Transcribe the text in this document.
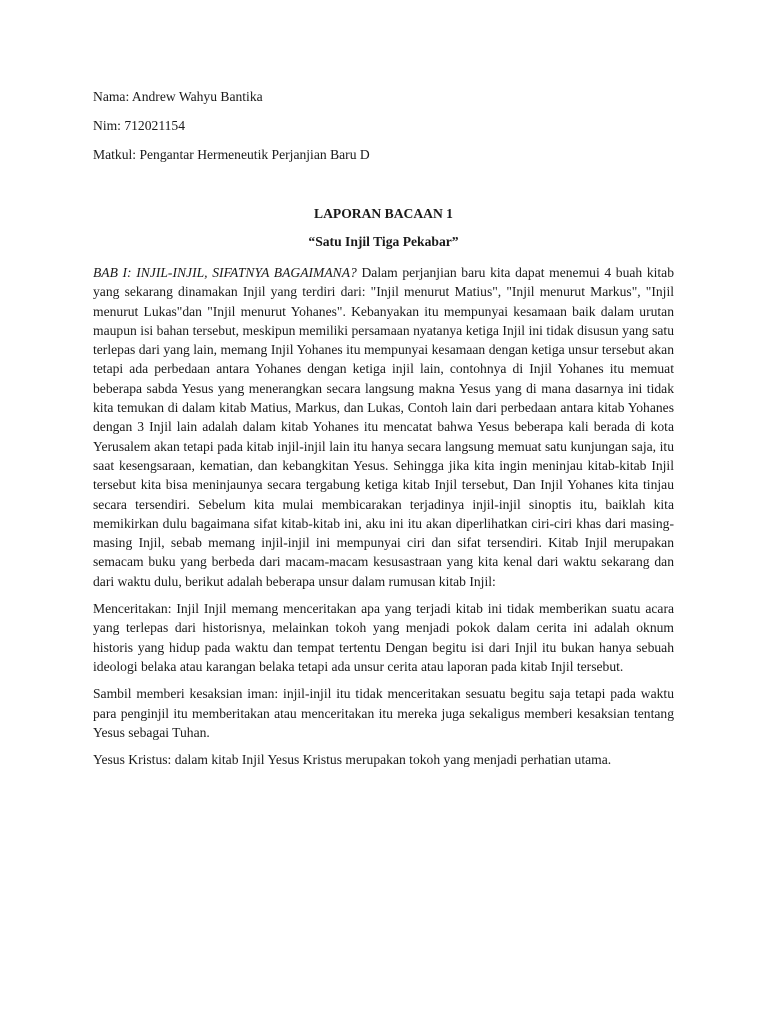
Nama: Andrew Wahyu Bantika

Nim: 712021154

Matkul: Pengantar Hermeneutik Perjanjian Baru D

LAPORAN BACAAN 1

“Satu Injil Tiga Pekabar”

BAB I: INJIL-INJIL, SIFATNYA BAGAIMANA? Dalam perjanjian baru kita dapat menemui 4 buah kitab yang sekarang dinamakan Injil yang terdiri dari: "Injil menurut Matius", "Injil menurut Markus", "Injil menurut Lukas"dan "Injil menurut Yohanes". Kebanyakan itu mempunyai kesamaan baik dalam urutan maupun isi bahan tersebut, meskipun memiliki persamaan nyatanya ketiga Injil ini tidak disusun yang satu terlepas dari yang lain, memang Injil Yohanes itu mempunyai kesamaan dengan ketiga unsur tersebut akan tetapi ada perbedaan antara Yohanes dengan ketiga injil lain, contohnya di Injil Yohanes itu memuat beberapa sabda Yesus yang menerangkan secara langsung makna Yesus yang di mana dasarnya ini tidak kita temukan di dalam kitab Matius, Markus, dan Lukas, Contoh lain dari perbedaan antara kitab Yohanes dengan 3 Injil lain adalah dalam kitab Yohanes itu mencatat bahwa Yesus beberapa kali berada di kota Yerusalem akan tetapi pada kitab injil-injil lain itu hanya secara langsung memuat satu kunjungan saja, itu saat kesengsaraan, kematian, dan kebangkitan Yesus. Sehingga jika kita ingin meninjau kitab-kitab Injil tersebut kita bisa meninjaunya secara tergabung ketiga kitab Injil tersebut, Dan Injil Yohanes kita tinjau secara tersendiri. Sebelum kita mulai membicarakan terjadinya injil-injil sinoptis itu, baiklah kita memikirkan dulu bagaimana sifat kitab-kitab ini, aku ini itu akan diperlihatkan ciri-ciri khas dari masing-masing Injil, sebab memang injil-injil ini mempunyai ciri dan sifat tersendiri. Kitab Injil merupakan semacam buku yang berbeda dari macam-macam kesusastraan yang kita kenal dari waktu sekarang dan dari waktu dulu, berikut adalah beberapa unsur dalam rumusan kitab Injil:

Menceritakan: Injil Injil memang menceritakan apa yang terjadi kitab ini tidak memberikan suatu acara yang terlepas dari historisnya, melainkan tokoh yang menjadi pokok dalam cerita ini adalah oknum historis yang hidup pada waktu dan tempat tertentu Dengan begitu isi dari Injil itu bukan hanya sebuah ideologi belaka atau karangan belaka tetapi ada unsur cerita atau laporan pada kitab Injil tersebut.

Sambil memberi kesaksian iman: injil-injil itu tidak menceritakan sesuatu begitu saja tetapi pada waktu para penginjil itu memberitakan atau menceritakan itu mereka juga sekaligus memberi kesaksian tentang Yesus sebagai Tuhan.

Yesus Kristus: dalam kitab Injil Yesus Kristus merupakan tokoh yang menjadi perhatian utama.
